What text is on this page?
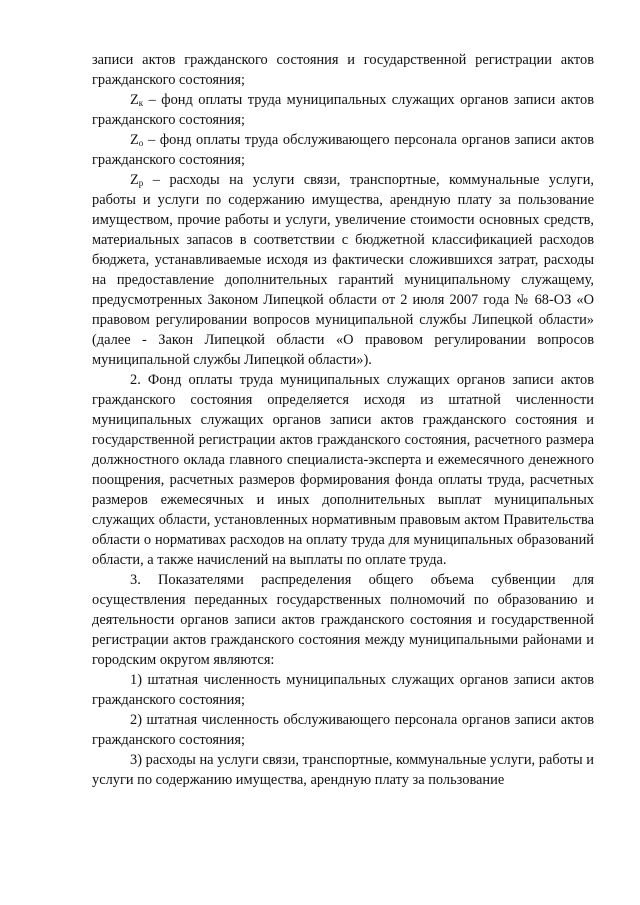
записи актов гражданского состояния и государственной регистрации актов гражданского состояния;

$Z_к$ – фонд оплаты труда муниципальных служащих органов записи актов гражданского состояния;

$Z_о$ – фонд оплаты труда обслуживающего персонала органов записи актов гражданского состояния;

$Z_р$ – расходы на услуги связи, транспортные, коммунальные услуги, работы и услуги по содержанию имущества, арендную плату за пользование имуществом, прочие работы и услуги, увеличение стоимости основных средств, материальных запасов в соответствии с бюджетной классификацией расходов бюджета, устанавливаемые исходя из фактически сложившихся затрат, расходы на предоставление дополнительных гарантий муниципальному служащему, предусмотренных Законом Липецкой области от 2 июля 2007 года № 68-ОЗ «О правовом регулировании вопросов муниципальной службы Липецкой области» (далее - Закон Липецкой области «О правовом регулировании вопросов муниципальной службы Липецкой области»).

2. Фонд оплаты труда муниципальных служащих органов записи актов гражданского состояния определяется исходя из штатной численности муниципальных служащих органов записи актов гражданского состояния и государственной регистрации актов гражданского состояния, расчетного размера должностного оклада главного специалиста-эксперта и ежемесячного денежного поощрения, расчетных размеров формирования фонда оплаты труда, расчетных размеров ежемесячных и иных дополнительных выплат муниципальных служащих области, установленных нормативным правовым актом Правительства области о нормативах расходов на оплату труда для муниципальных образований области, а также начислений на выплаты по оплате труда.

3. Показателями распределения общего объема субвенции для осуществления переданных государственных полномочий по образованию и деятельности органов записи актов гражданского состояния и государственной регистрации актов гражданского состояния между муниципальными районами и городским округом являются:

1) штатная численность муниципальных служащих органов записи актов гражданского состояния;

2) штатная численность обслуживающего персонала органов записи актов гражданского состояния;

3) расходы на услуги связи, транспортные, коммунальные услуги, работы и услуги по содержанию имущества, арендную плату за пользование
